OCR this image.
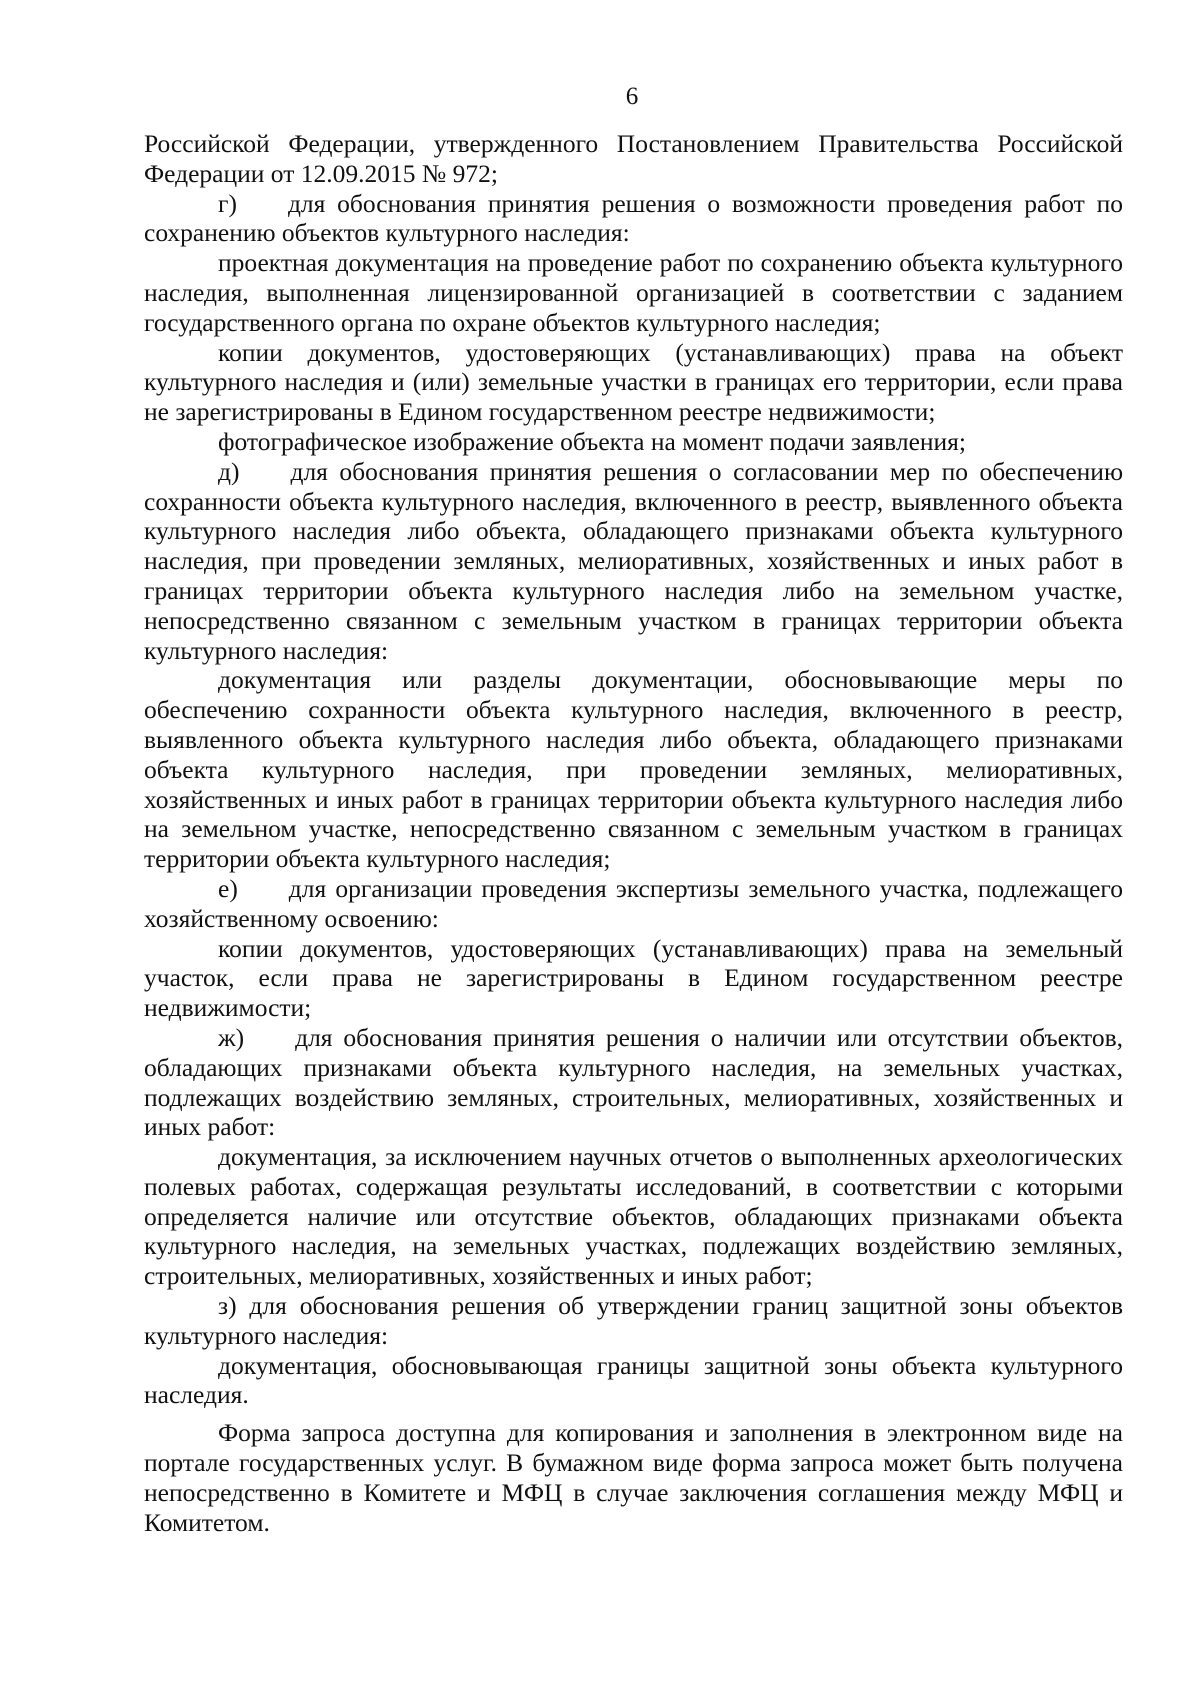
6

Российской Федерации, утвержденного Постановлением Правительства Российской Федерации от 12.09.2015 № 972;

г)  для обоснования принятия решения о возможности проведения работ по сохранению объектов культурного наследия:

проектная документация на проведение работ по сохранению объекта культурного наследия, выполненная лицензированной организацией в соответствии с заданием государственного органа по охране объектов культурного наследия;

копии документов, удостоверяющих (устанавливающих) права на объект культурного наследия и (или) земельные участки в границах его территории, если права не зарегистрированы в Едином государственном реестре недвижимости;

фотографическое изображение объекта на момент подачи заявления;

д)  для обоснования принятия решения о согласовании мер по обеспечению сохранности объекта культурного наследия, включенного в реестр, выявленного объекта культурного наследия либо объекта, обладающего признаками объекта культурного наследия, при проведении земляных, мелиоративных, хозяйственных и иных работ в границах территории объекта культурного наследия либо на земельном участке, непосредственно связанном с земельным участком в границах территории объекта культурного наследия:

документация или разделы документации, обосновывающие меры по обеспечению сохранности объекта культурного наследия, включенного в реестр, выявленного объекта культурного наследия либо объекта, обладающего признаками объекта культурного наследия, при проведении земляных, мелиоративных, хозяйственных и иных работ в границах территории объекта культурного наследия либо на земельном участке, непосредственно связанном с земельным участком в границах территории объекта культурного наследия;

е)  для организации проведения экспертизы земельного участка, подлежащего хозяйственному освоению:

копии документов, удостоверяющих (устанавливающих) права на земельный участок, если права не зарегистрированы в Едином государственном реестре недвижимости;

ж)  для обоснования принятия решения о наличии или отсутствии объектов, обладающих признаками объекта культурного наследия, на земельных участках, подлежащих воздействию земляных, строительных, мелиоративных, хозяйственных и иных работ:

документация, за исключением научных отчетов о выполненных археологических полевых работах, содержащая результаты исследований, в соответствии с которыми определяется наличие или отсутствие объектов, обладающих признаками объекта культурного наследия, на земельных участках, подлежащих воздействию земляных, строительных, мелиоративных, хозяйственных и иных работ;

з) для обоснования решения об утверждении границ защитной зоны объектов культурного наследия:

документация, обосновывающая границы защитной зоны объекта культурного наследия.

Форма запроса доступна для копирования и заполнения в электронном виде на портале государственных услуг. В бумажном виде форма запроса может быть получена непосредственно в Комитете и МФЦ в случае заключения соглашения между МФЦ и Комитетом.
